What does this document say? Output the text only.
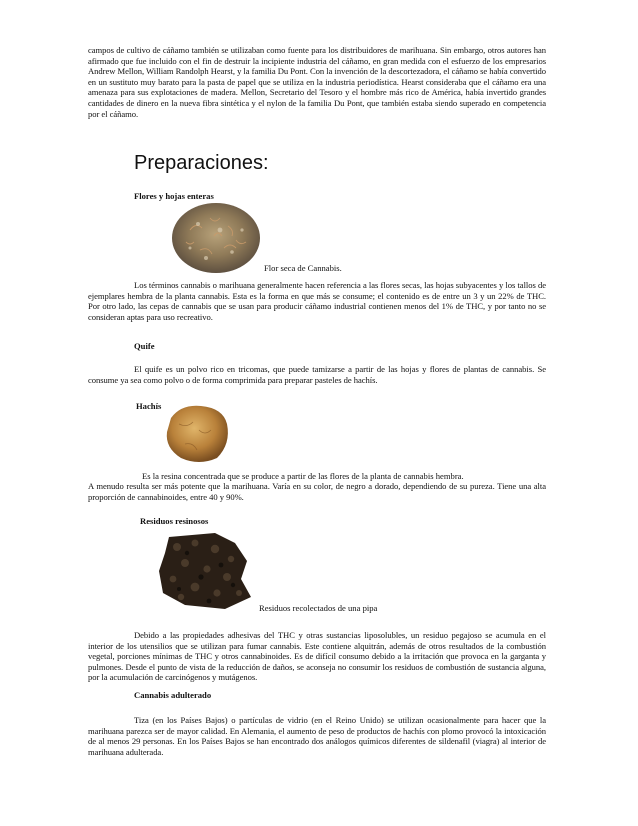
campos de cultivo de cáñamo también se utilizaban como fuente para los distribuidores de marihuana. Sin embargo, otros autores han afirmado que fue incluido con el fin de destruir la incipiente industria del cáñamo, en gran medida con el esfuerzo de los empresarios Andrew Mellon, William Randolph Hearst, y la familia Du Pont. Con la invención de la descortezadora, el cáñamo se había convertido en un sustituto muy barato para la pasta de papel que se utiliza en la industria periodística. Hearst consideraba que el cáñamo era una amenaza para sus explotaciones de madera. Mellon, Secretario del Tesoro y el hombre más rico de América, había invertido grandes cantidades de dinero en la nueva fibra sintética y el nylon de la familia Du Pont, que también estaba siendo superado en competencia por el cáñamo.

Preparaciones:

Flores y hojas enteras

Flor seca de Cannabis.

Los términos cannabis o marihuana generalmente hacen referencia a las flores secas, las hojas subyacentes y los tallos de ejemplares hembra de la planta cannabis. Esta es la forma en que más se consume; el contenido es de entre un 3 y un 22% de THC. Por otro lado, las cepas de cannabis que se usan para producir cáñamo industrial contienen menos del 1% de THC, y por tanto no se consideran aptas para uso recreativo.

Quife

El quife es un polvo rico en tricomas, que puede tamizarse a partir de las hojas y flores de plantas de cannabis. Se consume ya sea como polvo o de forma comprimida para preparar pasteles de hachís.

Hachís

Es la resina concentrada que se produce a partir de las flores de la planta de cannabis hembra.

A menudo resulta ser más potente que la marihuana. Varía en su color, de negro a dorado, dependiendo de su pureza. Tiene una alta proporción de cannabinoides, entre 40 y 90%.

Residuos resinosos

Residuos recolectados de una pipa

Debido a las propiedades adhesivas del THC y otras sustancias liposolubles, un residuo pegajoso se acumula en el interior de los utensilios que se utilizan para fumar cannabis. Este contiene alquitrán, además de otros resultados de la combustión vegetal, porciones mínimas de THC y otros cannabinoides. Es de difícil consumo debido a la irritación que provoca en la garganta y pulmones. Desde el punto de vista de la reducción de daños, se aconseja no consumir los residuos de combustión de sustancia alguna, por la acumulación de carcinógenos y mutágenos.

Cannabis adulterado

Tiza (en los Países Bajos) o partículas de vidrio (en el Reino Unido) se utilizan ocasionalmente para hacer que la marihuana parezca ser de mayor calidad. En Alemania, el aumento de peso de productos de hachís con plomo provocó la intoxicación de al menos 29 personas. En los Países Bajos se han encontrado dos análogos químicos diferentes de sildenafil (viagra) al interior de marihuana adulterada.
